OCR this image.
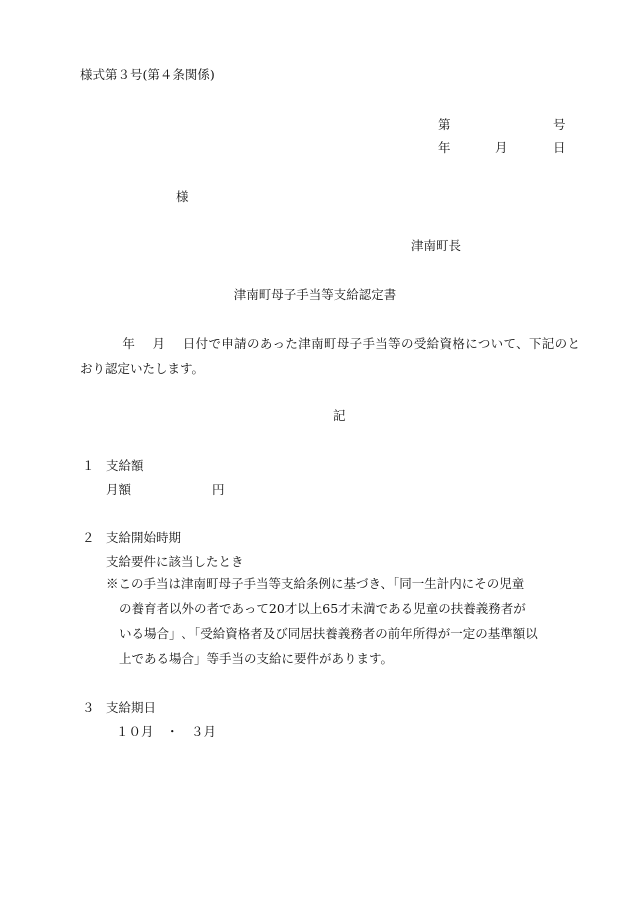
様式第３号(第４条関係)
第	号
年	月	日
様
津南町長
津南町母子手当等支給認定書
年 月 日付で申請のあった津南町母子手当等の受給資格について、下記のとおり認定いたします。
記
１ 支給額
月額	円
２ 支給開始時期
支給要件に該当したとき
※この手当は津南町母子手当等支給条例に基づき、「同一生計内にその児童
の養育者以外の者であって20才以上65才未満である児童の扶養義務者が
いる場合」､「受給資格者及び同居扶養義務者の前年所得が一定の基準額以
上である場合」等手当の支給に要件があります。
３ 支給期日
１０月　・　３月
